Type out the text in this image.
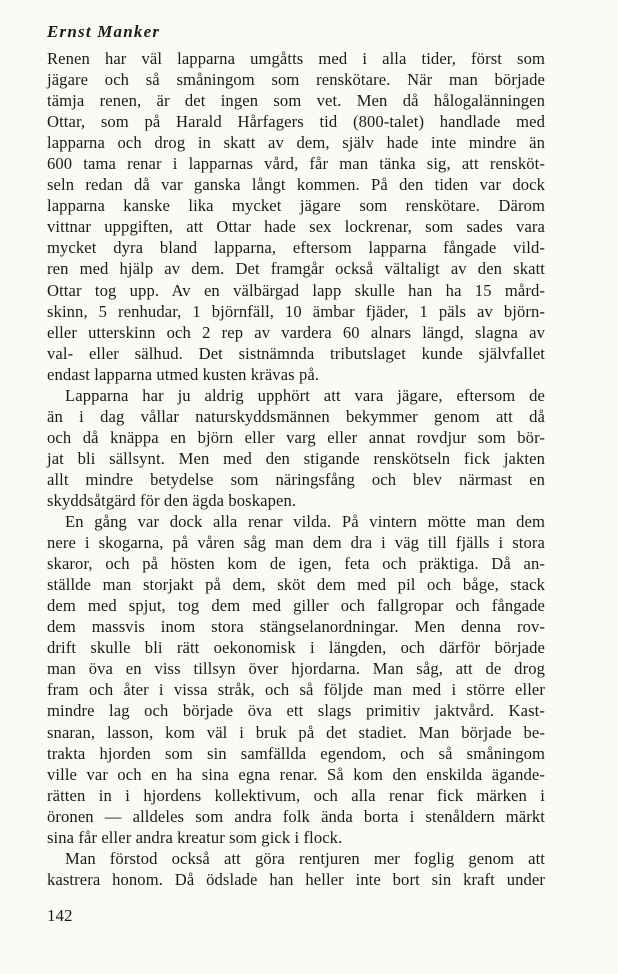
Ernst Manker
Renen har väl lapparna umgåtts med i alla tider, först som
jägare och så småningom som renskötare. När man började
tämja renen, är det ingen som vet. Men då hålogalänningen
Ottar, som på Harald Hårfagers tid (800-talet) handlade med
lapparna och drog in skatt av dem, själv hade inte mindre än
600 tama renar i lapparnas vård, får man tänka sig, att rensköt-
seln redan då var ganska långt kommen. På den tiden var dock
lapparna kanske lika mycket jägare som renskötare. Därom
vittnar uppgiften, att Ottar hade sex lockrenar, som sades vara
mycket dyra bland lapparna, eftersom lapparna fångade vild-
ren med hjälp av dem. Det framgår också vältaligt av den skatt
Ottar tog upp. Av en välbärgad lapp skulle han ha 15 mård-
skinn, 5 renhudar, 1 björnfäll, 10 ämbar fjäder, 1 päls av björn-
eller utterskinn och 2 rep av vardera 60 alnars längd, slagna av
val- eller sälhud. Det sistnämnda tributslaget kunde självfallet
endast lapparna utmed kusten krävas på.
Lapparna har ju aldrig upphört att vara jägare, eftersom de
än i dag vållar naturskyddsmännen bekymmer genom att då
och då knäppa en björn eller varg eller annat rovdjur som bör-
jat bli sällsynt. Men med den stigande renskötseln fick jakten
allt mindre betydelse som näringsfång och blev närmast en
skyddsåtgärd för den ägda boskapen.
En gång var dock alla renar vilda. På vintern mötte man dem
nere i skogarna, på våren såg man dem dra i väg till fjälls i stora
skaror, och på hösten kom de igen, feta och präktiga. Då an-
ställde man storjakt på dem, sköt dem med pil och båge, stack
dem med spjut, tog dem med giller och fallgropar och fångade
dem massvis inom stora stängselanordningar. Men denna rov-
drift skulle bli rätt oekonomisk i längden, och därför började
man öva en viss tillsyn över hjordarna. Man såg, att de drog
fram och åter i vissa stråk, och så följde man med i större eller
mindre lag och började öva ett slags primitiv jaktvård. Kast-
snaran, lasson, kom väl i bruk på det stadiet. Man började be-
trakta hjorden som sin samfällda egendom, och så småningom
ville var och en ha sina egna renar. Så kom den enskilda ägande-
rätten in i hjordens kollektivum, och alla renar fick märken i
öronen — alldeles som andra folk ända borta i stenåldern märkt
sina får eller andra kreatur som gick i flock.
Man förstod också att göra rentjuren mer foglig genom att
kastrera honom. Då ödslade han heller inte bort sin kraft under
142
